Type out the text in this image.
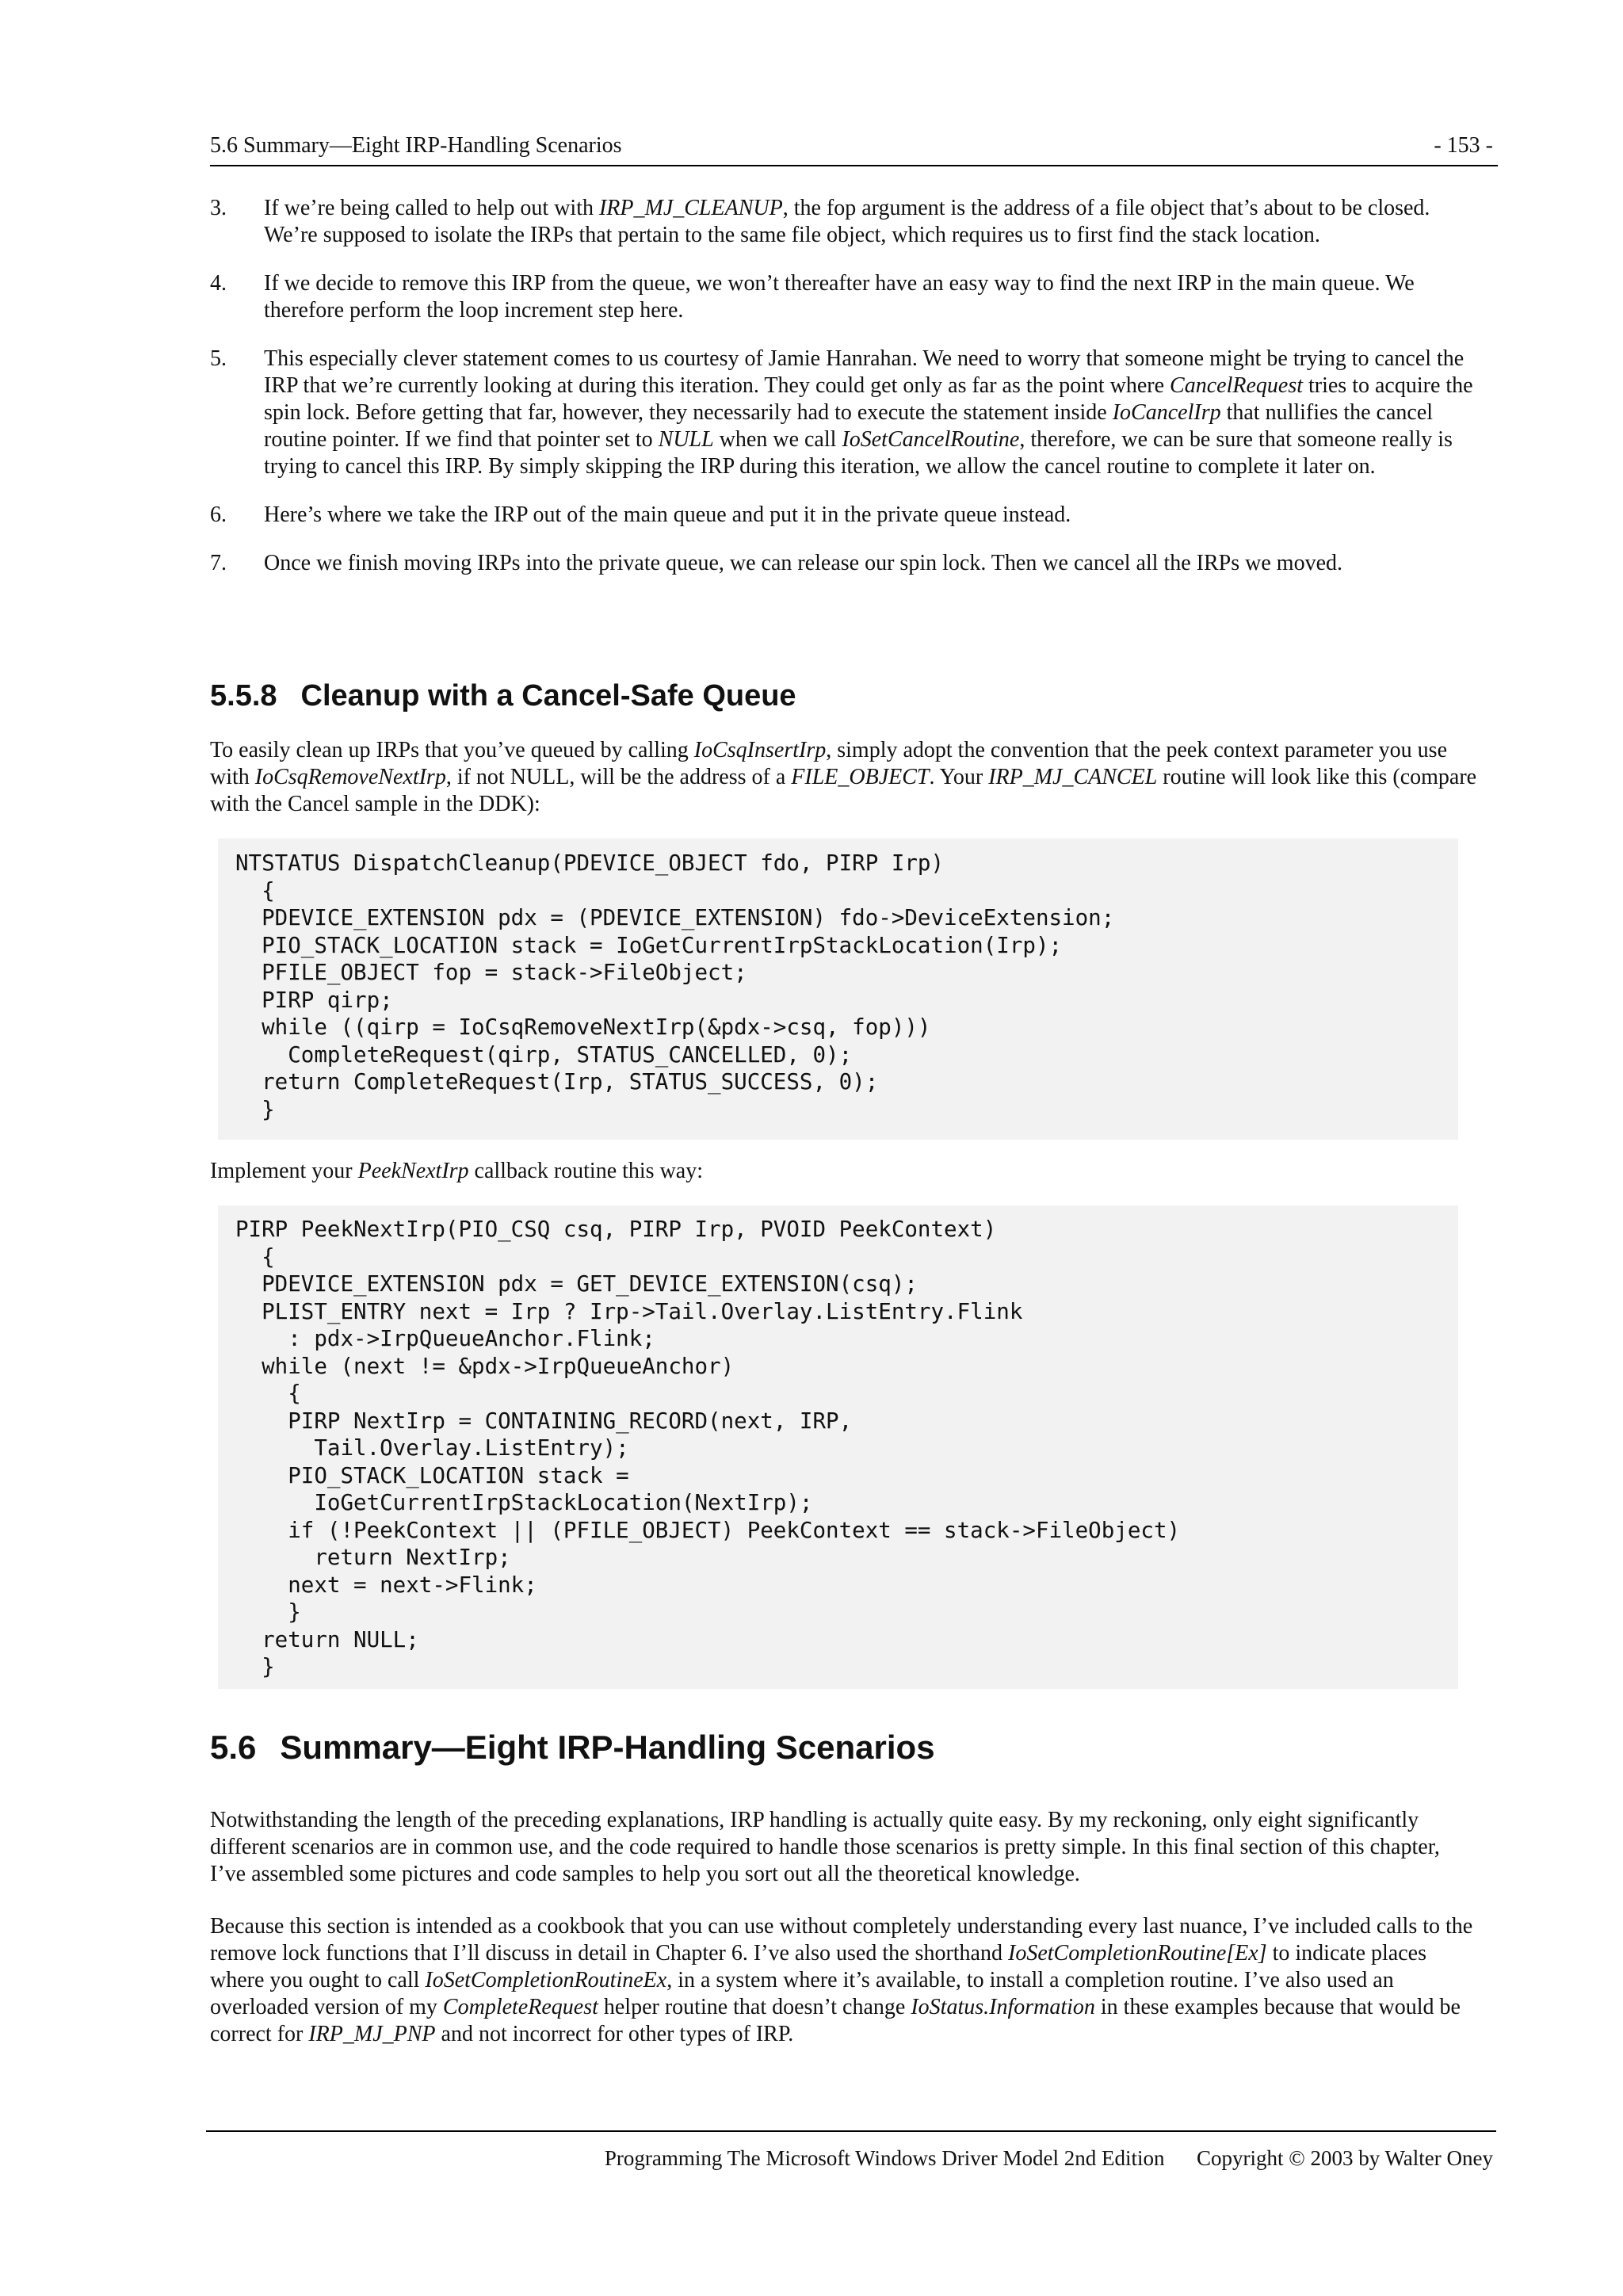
5.6 Summary—Eight IRP-Handling Scenarios	- 153 -
3. If we’re being called to help out with IRP_MJ_CLEANUP, the fop argument is the address of a file object that’s about to be closed. We’re supposed to isolate the IRPs that pertain to the same file object, which requires us to first find the stack location.
4. If we decide to remove this IRP from the queue, we won’t thereafter have an easy way to find the next IRP in the main queue. We therefore perform the loop increment step here.
5. This especially clever statement comes to us courtesy of Jamie Hanrahan. We need to worry that someone might be trying to cancel the IRP that we’re currently looking at during this iteration. They could get only as far as the point where CancelRequest tries to acquire the spin lock. Before getting that far, however, they necessarily had to execute the statement inside IoCancelIrp that nullifies the cancel routine pointer. If we find that pointer set to NULL when we call IoSetCancelRoutine, therefore, we can be sure that someone really is trying to cancel this IRP. By simply skipping the IRP during this iteration, we allow the cancel routine to complete it later on.
6. Here’s where we take the IRP out of the main queue and put it in the private queue instead.
7. Once we finish moving IRPs into the private queue, we can release our spin lock. Then we cancel all the IRPs we moved.
5.5.8 Cleanup with a Cancel-Safe Queue

To easily clean up IRPs that you’ve queued by calling IoCsqInsertIrp, simply adopt the convention that the peek context parameter you use with IoCsqRemoveNextIrp, if not NULL, will be the address of a FILE_OBJECT. Your IRP_MJ_CANCEL routine will look like this (compare with the Cancel sample in the DDK):

NTSTATUS DispatchCleanup(PDEVICE_OBJECT fdo, PIRP Irp)
{
PDEVICE_EXTENSION pdx = (PDEVICE_EXTENSION) fdo->DeviceExtension;
PIO_STACK_LOCATION stack = IoGetCurrentIrpStackLocation(Irp);
PFILE_OBJECT fop = stack->FileObject;
PIRP qirp;
while ((qirp = IoCsqRemoveNextIrp(&pdx->csq, fop)))
CompleteRequest(qirp, STATUS_CANCELLED, 0);
return CompleteRequest(Irp, STATUS_SUCCESS, 0);
}

Implement your PeekNextIrp callback routine this way:

PIRP PeekNextIrp(PIO_CSQ csq, PIRP Irp, PVOID PeekContext)
{
PDEVICE_EXTENSION pdx = GET_DEVICE_EXTENSION(csq);
PLIST_ENTRY next = Irp ? Irp->Tail.Overlay.ListEntry.Flink
: pdx->IrpQueueAnchor.Flink;
while (next != &pdx->IrpQueueAnchor)
{
PIRP NextIrp = CONTAINING_RECORD(next, IRP,
Tail.Overlay.ListEntry);
PIO_STACK_LOCATION stack =
IoGetCurrentIrpStackLocation(NextIrp);
if (!PeekContext || (PFILE_OBJECT) PeekContext == stack->FileObject)
return NextIrp;
next = next->Flink;
}
return NULL;
}
5.6 Summary—Eight IRP-Handling Scenarios

Notwithstanding the length of the preceding explanations, IRP handling is actually quite easy. By my reckoning, only eight significantly different scenarios are in common use, and the code required to handle those scenarios is pretty simple. In this final section of this chapter, I’ve assembled some pictures and code samples to help you sort out all the theoretical knowledge.

Because this section is intended as a cookbook that you can use without completely understanding every last nuance, I’ve included calls to the remove lock functions that I’ll discuss in detail in Chapter 6. I’ve also used the shorthand IoSetCompletionRoutine[Ex] to indicate places where you ought to call IoSetCompletionRoutineEx, in a system where it’s available, to install a completion routine. I’ve also used an overloaded version of my CompleteRequest helper routine that doesn’t change IoStatus.Information in these examples because that would be correct for IRP_MJ_PNP and not incorrect for other types of IRP.

Programming The Microsoft Windows Driver Model 2nd Edition Copyright © 2003 by Walter Oney
